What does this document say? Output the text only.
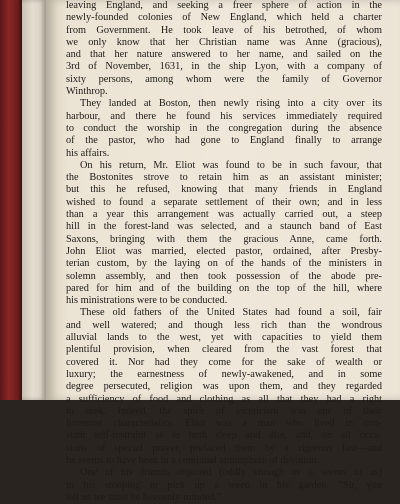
leaving England, and seeking a freer sphere of action in the
newly-founded colonies of New England, which held a charter
from Government. He took leave of his betrothed, of whom
we only know that her Christian name was Anne (gracious),
and that her nature answered to her name, and sailed on the
3rd of November, 1631, in the ship Lyon, with a company of
sixty persons, among whom were the family of Governor
Winthrop.
They landed at Boston, then newly rising into a city over its
harbour, and there he found his services immediately required
to conduct the worship in the congregation during the absence
of the pastor, who had gone to England finally to arrange
his affairs.
On his return, Mr. Eliot was found to be in such favour, that
the Bostonites strove to retain him as an assistant minister;
but this he refused, knowing that many friends in England
wished to found a separate settlement of their own; and in less
than a year this arrangement was actually carried out, a steep
hill in the forest-land was selected, and a staunch band of East
Saxons, bringing with them the gracious Anne, came forth.
John Eliot was married, elected pastor, ordained, after Presby-
terian custom, by the laying on of the hands of the ministers in
solemn assembly, and then took possession of the abode pre-
pared for him and of the building on the top of the hill, where
his ministrations were to be conducted.
These old fathers of the United States had found a soil, fair
and well watered; and though less rich than the wondrous
alluvial lands to the west, yet with capacities to yield them
plentiful provision, when cleared from the vast forest that
covered it. Nor had they come for the sake of wealth or
luxury; the earnestness of newly-awakened, and in some
degree persecuted, religion was upon them, and they regarded
a sufficiency of food and clothing as all that they had a right
to seek. Indeed, the spirit of asceticism was one of their
foremost characteristics. Eliot was a man who lived in con-
stant self-restraint as to both sleep and diet, and, on all occa-
sions of special prayer, prefaced them by a rigorous fast—and
he seems to have been in a continual atmosphere of devotion.
One of his friends objected (oddly enough as it seems to us)
to his stooping to pick up a weed in his garden. “Sir, you
tell us we must be heavenly-minded.”
